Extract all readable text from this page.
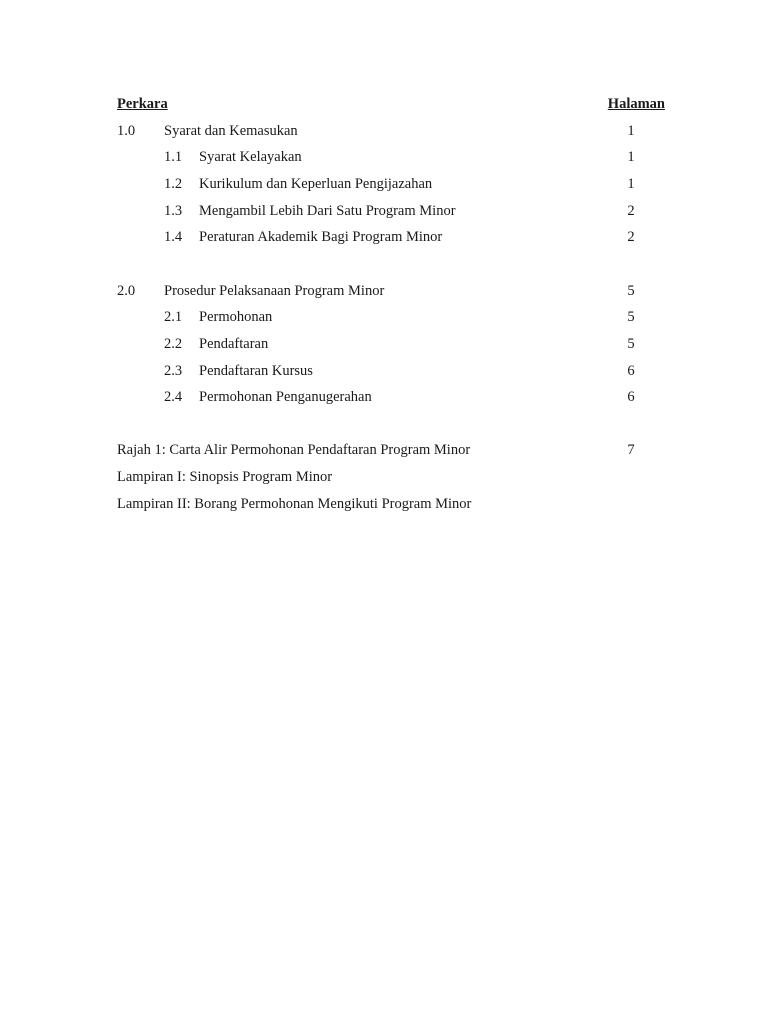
Perkara	Halaman
1.0 Syarat dan Kemasukan	1
1.1 Syarat Kelayakan	1
1.2 Kurikulum dan Keperluan Pengijazahan	1
1.3 Mengambil Lebih Dari Satu Program Minor	2
1.4 Peraturan Akademik Bagi Program Minor	2
2.0 Prosedur Pelaksanaan Program Minor	5
2.1 Permohonan	5
2.2 Pendaftaran	5
2.3 Pendaftaran Kursus	6
2.4 Permohonan Penganugerahan	6
Rajah 1: Carta Alir Permohonan Pendaftaran Program Minor	7
Lampiran I: Sinopsis Program Minor
Lampiran II: Borang Permohonan Mengikuti Program Minor
